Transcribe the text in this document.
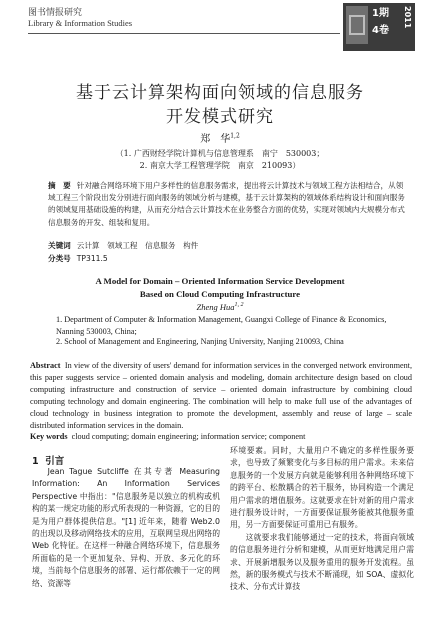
图书情报研究
Library & Information Studies
1期
4卷
2011
基于云计算架构面向领域的信息服务
开发模式研究
郑　华$^{1,2}$
（1. 广西财经学院计算机与信息管理系　南宁　530003；
2. 南京大学工程管理学院　南京　210093）
摘　要 针对融合网络环境下用户多样性的信息服务需求，提出将云计算技术与领域工程方法相结合，从领域工程三个阶段出发分别进行面向服务的领域分析与建模，基于云计算架构的领域体系结构设计和面向服务的领域复用基础设施的构建，从而充分结合云计算技术在业务整合方面的优势，实现对领域内大规模分布式信息服务的开发、组装和复用。
关键词 云计算　领域工程　信息服务　构件
分类号 TP311.5
A Model for Domain – Oriented Information Service Development
Based on Cloud Computing Infrastructure
Zheng Hua$^{1, 2}$
1. Department of Computer & Information Management, Guangxi College of Finance & Economics, Nanning 530003, China;
2. School of Management and Engineering, Nanjing University, Nanjing 210093, China
Abstract In view of the diversity of users' demand for information services in the converged network environment, this paper suggests service – oriented domain analysis and modeling, domain architecture design based on cloud computing infrastructure and construction of service – oriented domain infrastructure by combining cloud computing technology and domain engineering. The combination will help to make full use of the advantages of cloud technology in business integration to promote the development, assembly and reuse of large – scale distributed information services in the domain.
Key words cloud computing; domain engineering; information service; component
1 引言

Jean Tague Sutcliffe 在其专著 Measuring Information: An Information Services Perspective 中指出："信息服务是以独立的机构或机构的某一规定功能的形式所表现的一种资源，它的目的是为用户群体提供信息。"[1] 近年来，随着 Web2.0 的出现以及移动网络技术的应用，互联网呈现出网络的 Web 化特征。在这样一种融合网络环境下，信息服务所面临的是一个更加复杂、异构、开放、多元化的环境，当前每个信息服务的部署、运行都依赖于一定的网络、资源等

环境要素。同时，大量用户不确定的多样性服务要求，也导致了频繁变化与多目标的用户需求。未来信息服务的一个发展方向就是能够利用各种网络环境下的跨平台、松散耦合的若干服务，协同构造一个满足用户需求的增值服务。这就要求在针对新的用户需求进行服务设计时，一方面要保证服务能被其他服务重用，另一方面要保证可重用已有服务。

这就要求我们能够通过一定的技术，将面向领域的信息服务进行分析和建模，从而更好地满足用户需求、开展新增服务以及服务重用的服务开发流程。虽然，新的服务模式与技术不断涌现，如 SOA、虚拟化技术、分布式计算技
